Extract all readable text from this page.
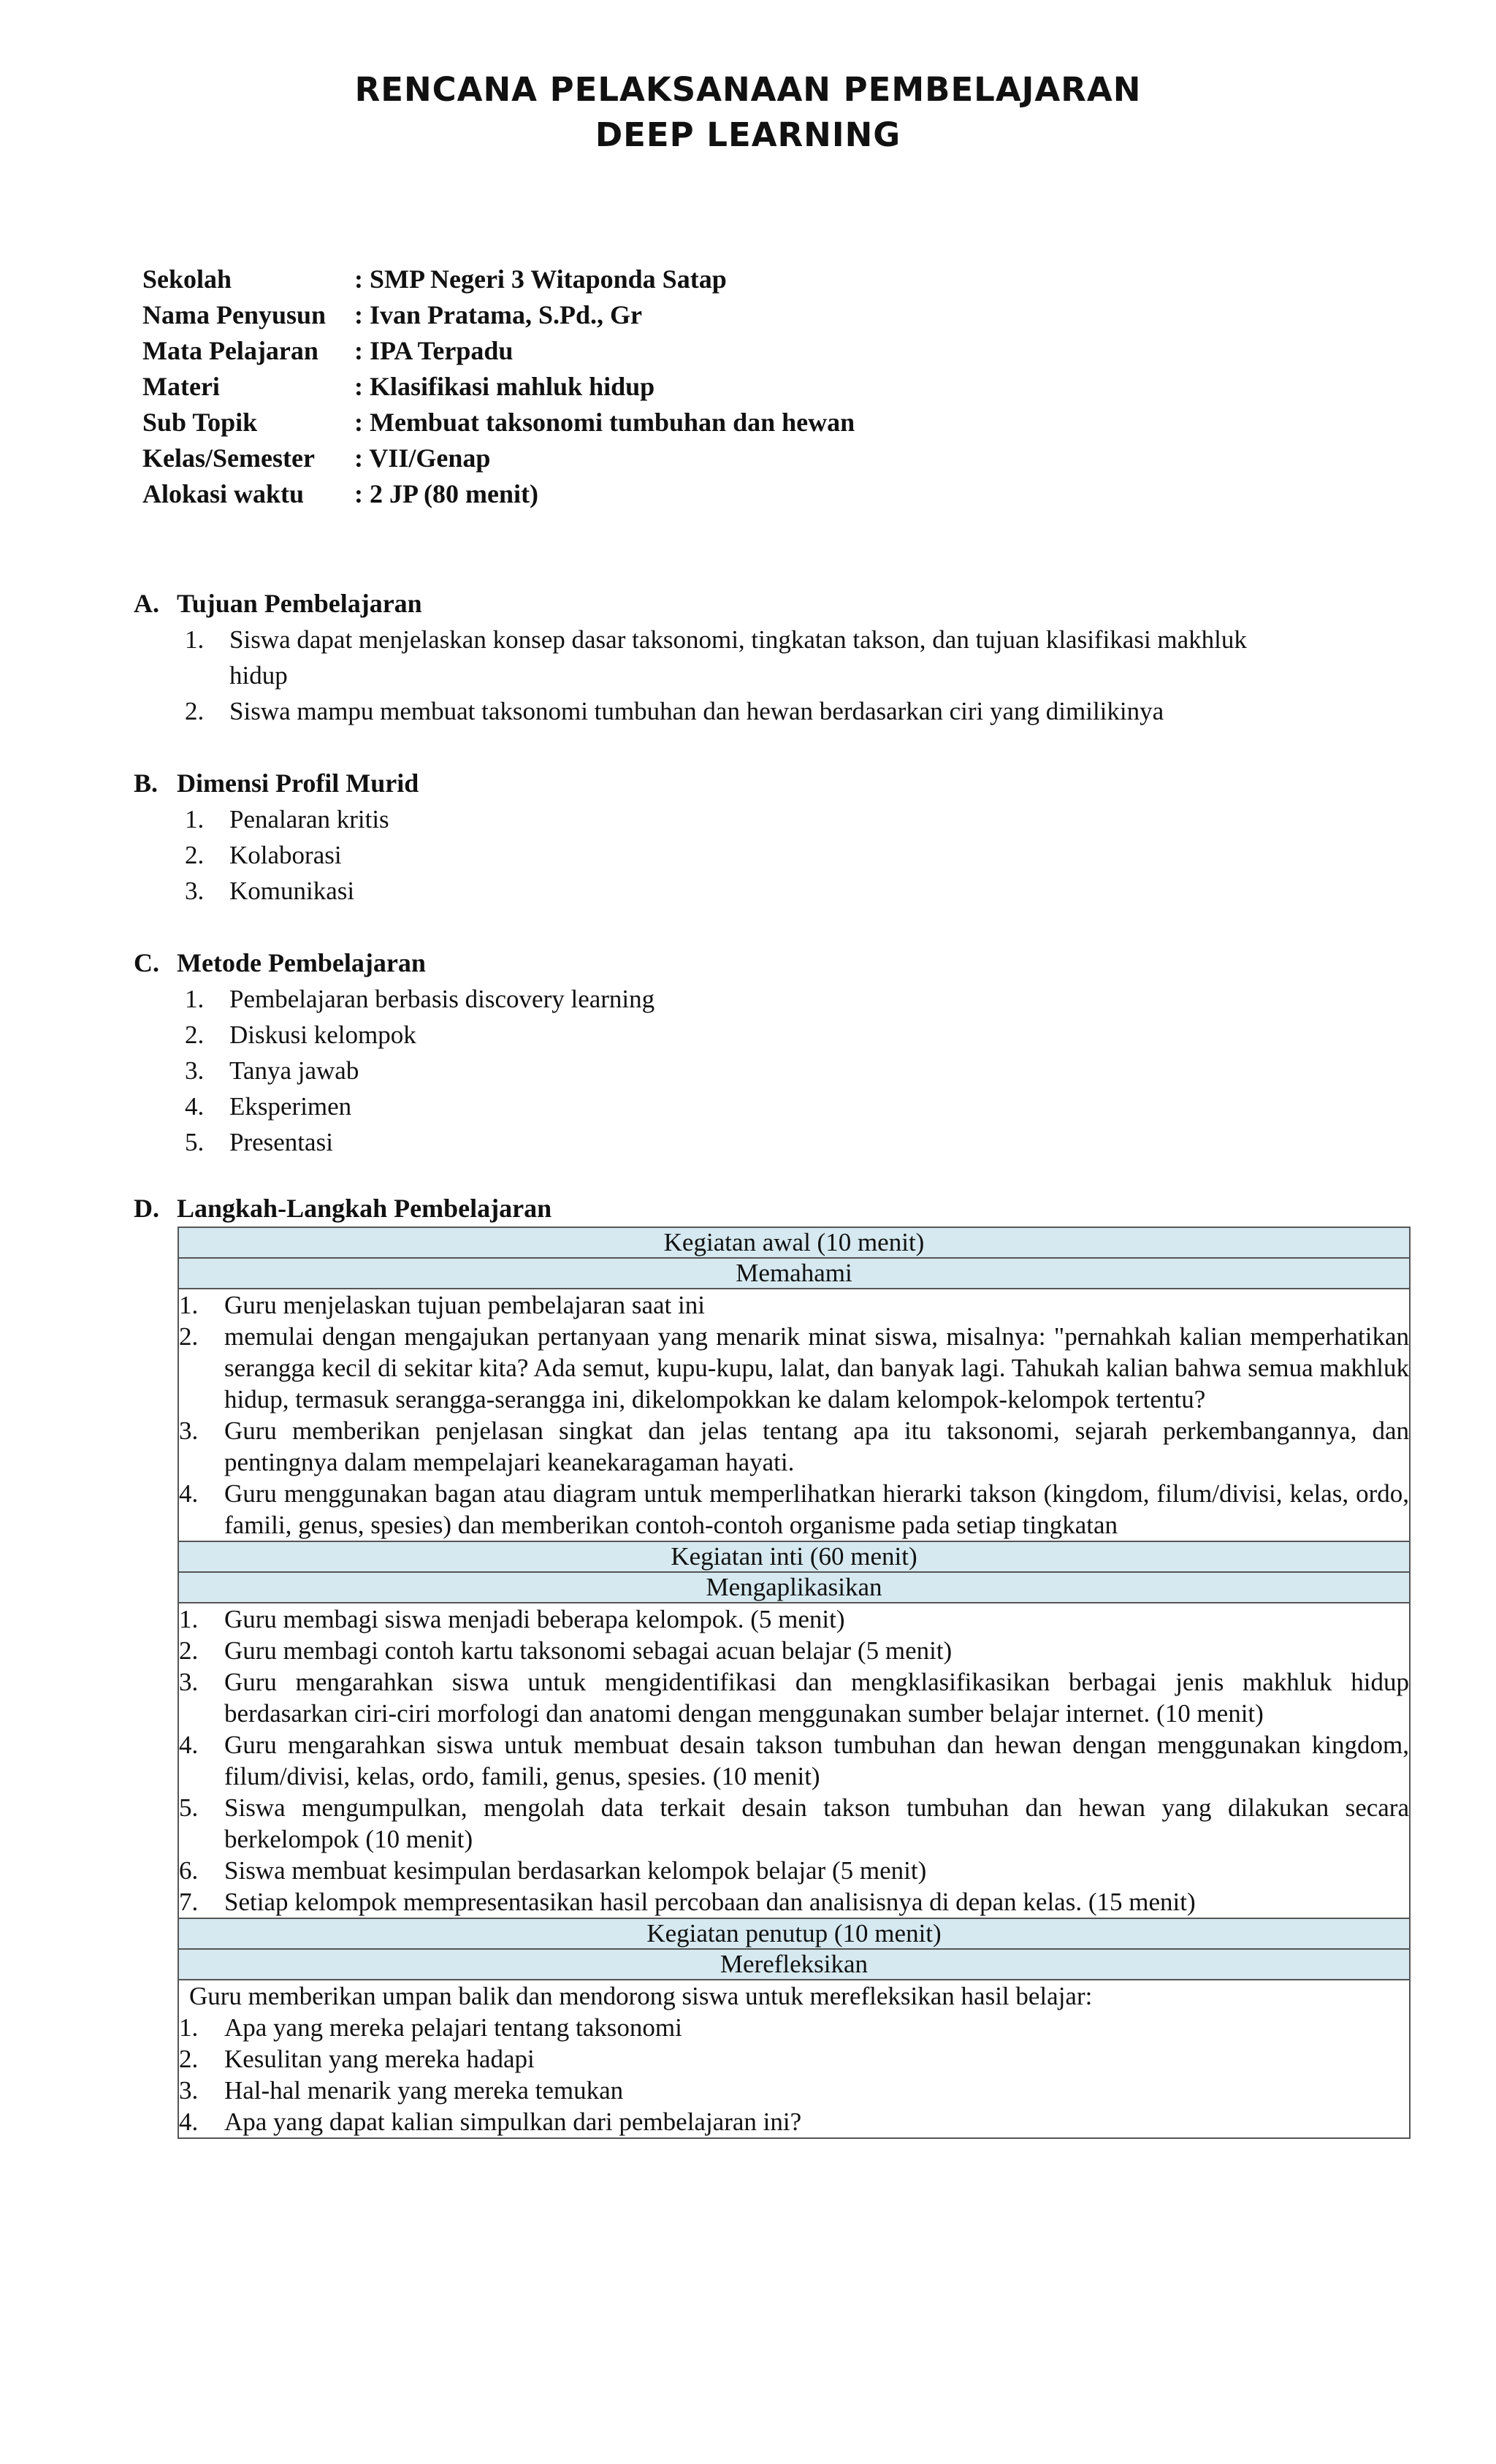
RENCANA PELAKSANAAN PEMBELAJARAN
DEEP LEARNING
Sekolah	: SMP Negeri 3 Witaponda Satap
Nama Penyusun : Ivan Pratama, S.Pd., Gr
Mata Pelajaran : IPA Terpadu
Materi	: Klasifikasi mahluk hidup
Sub Topik	: Membuat taksonomi tumbuhan dan hewan
Kelas/Semester : VII/Genap
Alokasi waktu : 2 JP (80 menit)
A. Tujuan Pembelajaran
1. Siswa dapat menjelaskan konsep dasar taksonomi, tingkatan takson, dan tujuan klasifikasi makhluk hidup
2. Siswa mampu membuat taksonomi tumbuhan dan hewan berdasarkan ciri yang dimilikinya
B. Dimensi Profil Murid
1. Penalaran kritis
2. Kolaborasi
3. Komunikasi
C. Metode Pembelajaran
1. Pembelajaran berbasis discovery learning
2. Diskusi kelompok
3. Tanya jawab
4. Eksperimen
5. Presentasi
D. Langkah-Langkah Pembelajaran
Kegiatan awal (10 menit)
Memahami

1. Guru menjelaskan tujuan pembelajaran saat ini
2. memulai dengan mengajukan pertanyaan yang menarik minat siswa, misalnya: "pernahkah kalian memperhatikan serangga kecil di sekitar kita? Ada semut, kupu-kupu, lalat, dan banyak lagi. Tahukah kalian bahwa semua makhluk hidup, termasuk serangga-serangga ini, dikelompokkan ke dalam kelompok-kelompok tertentu?
3. Guru memberikan penjelasan singkat dan jelas tentang apa itu taksonomi, sejarah perkembangannya, dan pentingnya dalam mempelajari keanekaragaman hayati.
4. Guru menggunakan bagan atau diagram untuk memperlihatkan hierarki takson (kingdom, filum/divisi, kelas, ordo, famili, genus, spesies) dan memberikan contoh-contoh organisme pada setiap tingkatan

Kegiatan inti (60 menit)
Mengaplikasikan

1. Guru membagi siswa menjadi beberapa kelompok. (5 menit)
2. Guru membagi contoh kartu taksonomi sebagai acuan belajar (5 menit)
3. Guru mengarahkan siswa untuk mengidentifikasi dan mengklasifikasikan berbagai jenis makhluk hidup berdasarkan ciri-ciri morfologi dan anatomi dengan menggunakan sumber belajar internet. (10 menit)
4. Guru mengarahkan siswa untuk membuat desain takson tumbuhan dan hewan dengan menggunakan kingdom, filum/divisi, kelas, ordo, famili, genus, spesies. (10 menit)
5. Siswa mengumpulkan, mengolah data terkait desain takson tumbuhan dan hewan yang dilakukan secara berkelompok (10 menit)
6. Siswa membuat kesimpulan berdasarkan kelompok belajar (5 menit)
7. Setiap kelompok mempresentasikan hasil percobaan dan analisisnya di depan kelas. (15 menit)

Kegiatan penutup (10 menit)
Merefleksikan

Guru memberikan umpan balik dan mendorong siswa untuk merefleksikan hasil belajar:
1. Apa yang mereka pelajari tentang taksonomi
2. Kesulitan yang mereka hadapi
3. Hal-hal menarik yang mereka temukan
4. Apa yang dapat kalian simpulkan dari pembelajaran ini?
